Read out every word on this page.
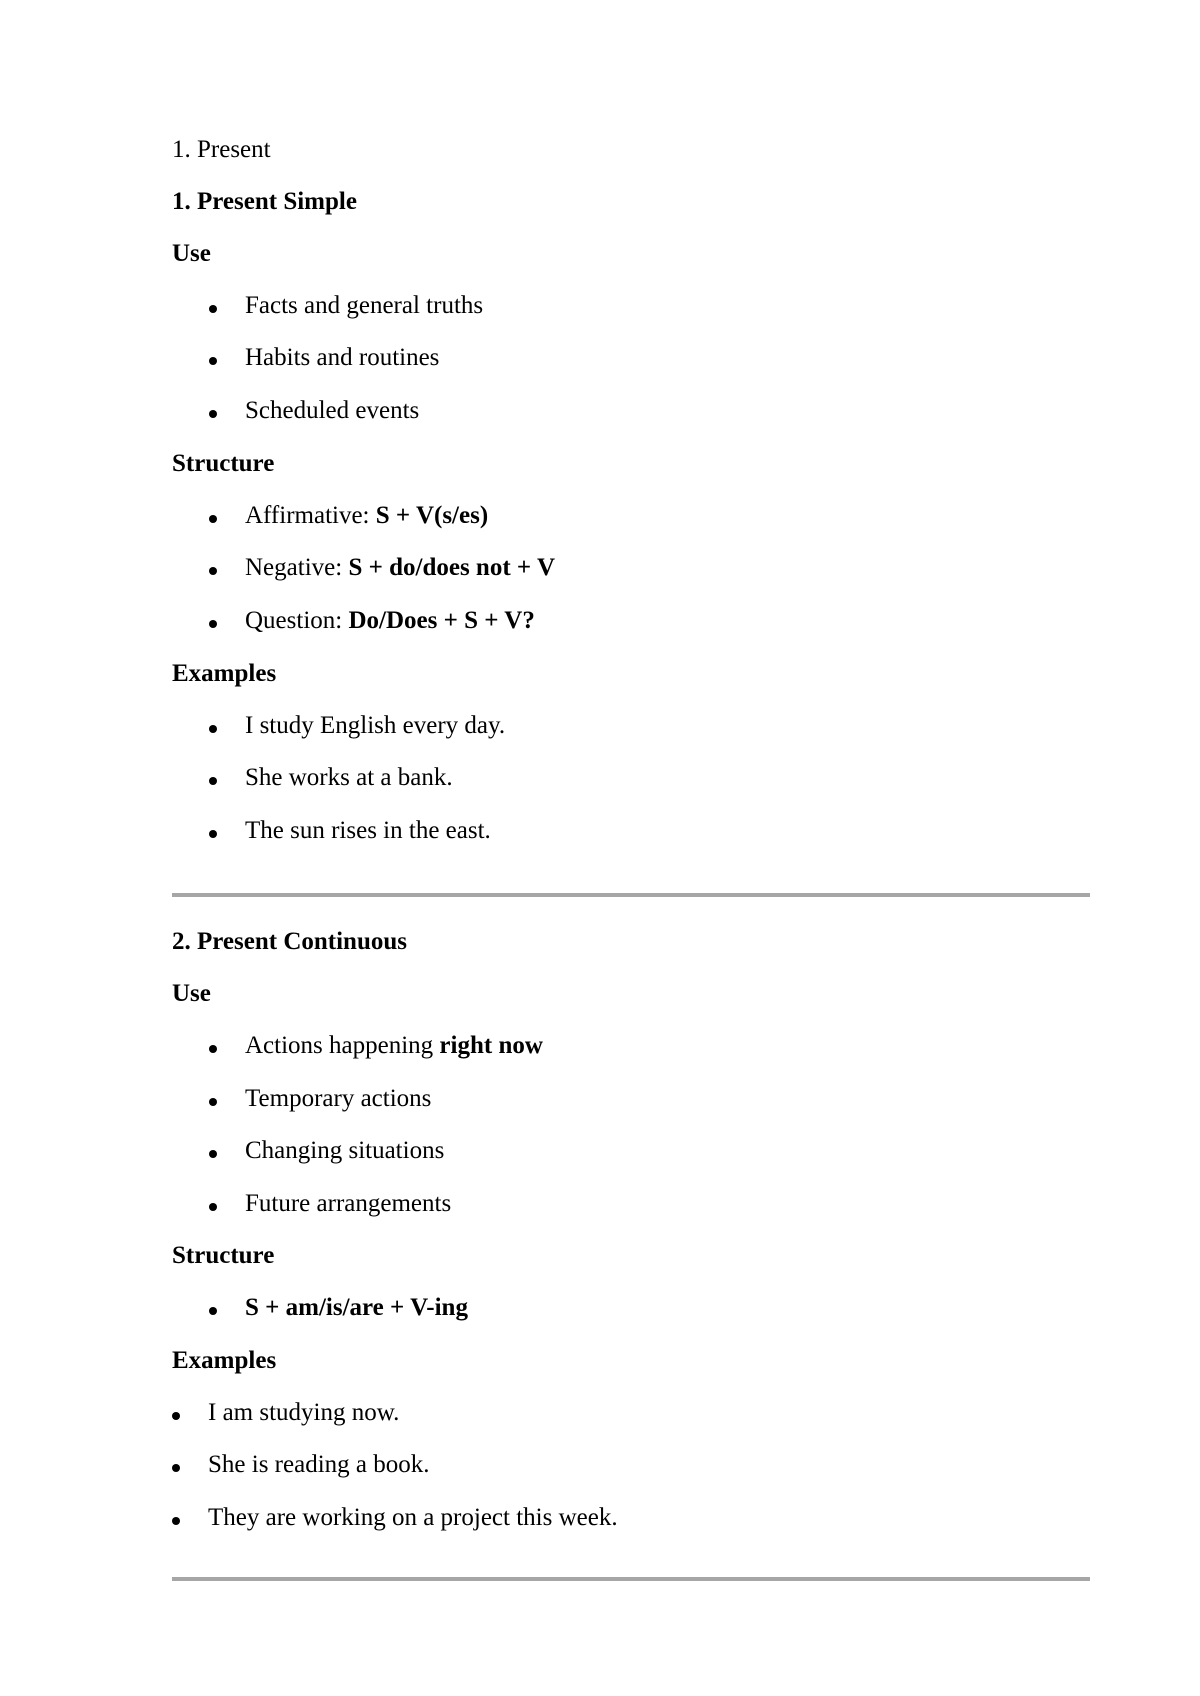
1. Present
1. Present Simple
Use
Facts and general truths
Habits and routines
Scheduled events
Structure
Affirmative: S + V(s/es)
Negative: S + do/does not + V
Question: Do/Does + S + V?
Examples
I study English every day.
She works at a bank.
The sun rises in the east.
2. Present Continuous
Use
Actions happening right now
Temporary actions
Changing situations
Future arrangements
Structure
S + am/is/are + V-ing
Examples
I am studying now.
She is reading a book.
They are working on a project this week.
